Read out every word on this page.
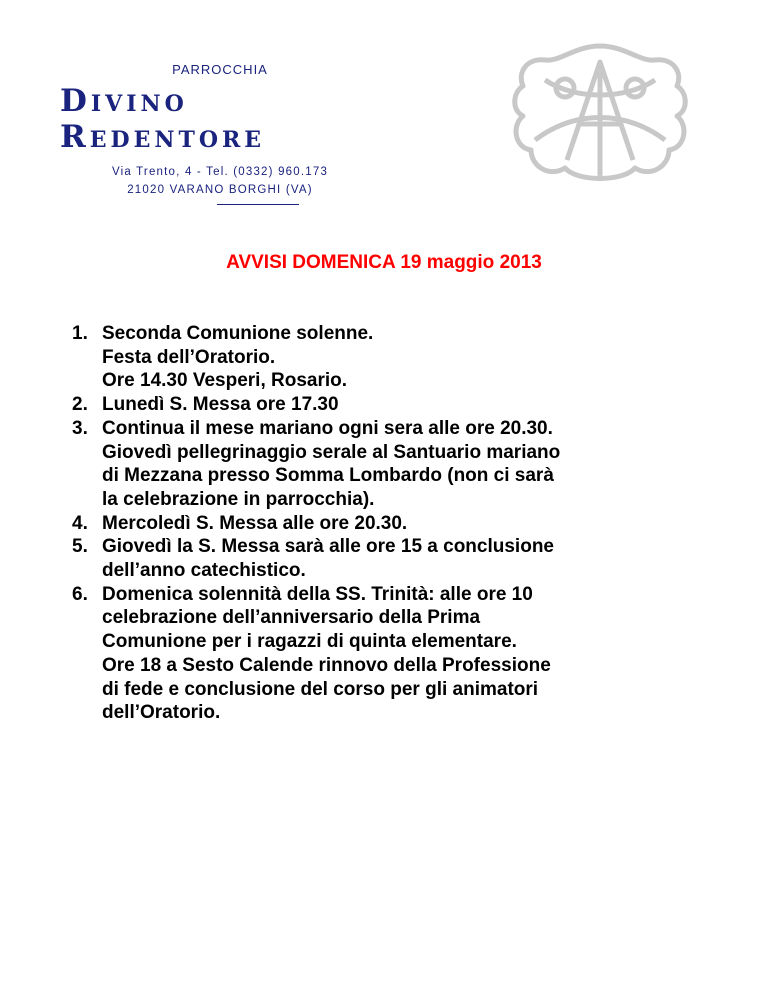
PARROCCHIA
Divino Redentore
Via Trento, 4 - Tel. (0332) 960.173
21020 VARANO BORGHI (VA)
AVVISI DOMENICA 19 maggio 2013
1. Seconda Comunione solenne.
Festa dell’Oratorio.
Ore 14.30 Vesperi, Rosario.
2. Lunedì S. Messa ore 17.30
3. Continua il mese mariano ogni sera alle ore 20.30.
Giovedì pellegrinaggio serale al Santuario mariano
di Mezzana presso Somma Lombardo (non ci sarà
la celebrazione in parrocchia).
4. Mercoledì S. Messa alle ore 20.30.
5. Giovedì la S. Messa sarà alle ore 15 a conclusione
dell’anno catechistico.
6. Domenica solennità della SS. Trinità: alle ore 10
celebrazione dell’anniversario della Prima
Comunione per i ragazzi di quinta elementare.
Ore 18 a Sesto Calende rinnovo della Professione
di fede e conclusione del corso per gli animatori
dell’Oratorio.
